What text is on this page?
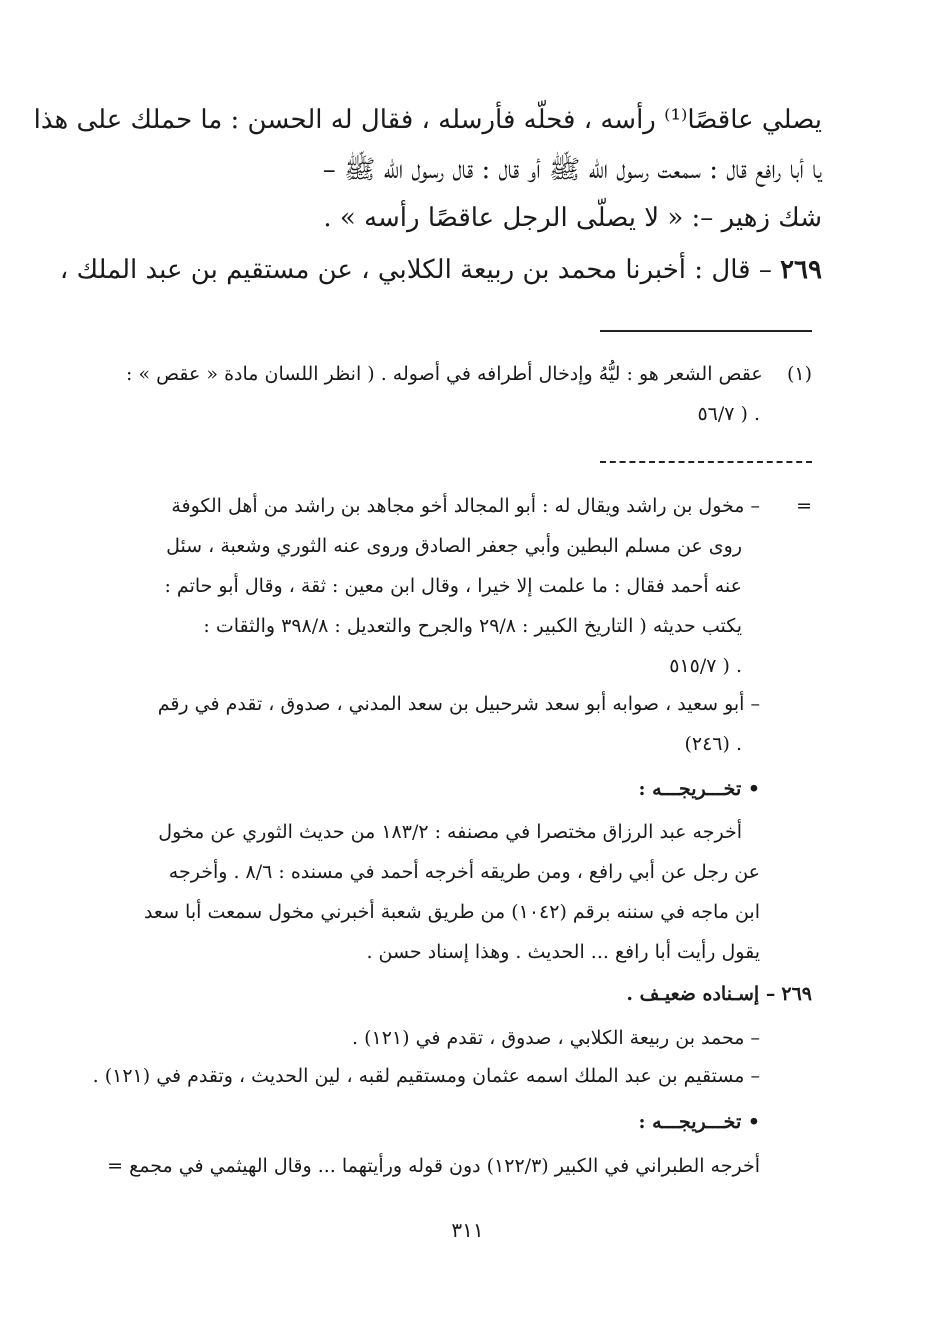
يصلي عاقصًا⁽¹⁾ رأسه ، فحلّه فأرسله ، فقال له الحسن : ما حملك على هذا
يا أبا رافع قال : سمعت رسول الله ﷺ أو قال : قال رسول الله ﷺ –
شك زهير –: « لا يصلّى الرجل عاقصًا رأسه » .
٢٦٩ – قال : أخبرنا محمد بن ربيعة الكلابي ، عن مستقيم بن عبد الملك ،
(١)    عقص الشعر هو : ليُّهُ وإدخال أطرافه في أصوله . ( انظر اللسان مادة « عقص » :
. ( ٥٦/٧
=
– مخول بن راشد ويقال له : أبو المجالد أخو مجاهد بن راشد من أهل الكوفة
روى عن مسلم البطين وأبي جعفر الصادق وروى عنه الثوري وشعبة ، سئل
عنه أحمد فقال : ما علمت إلا خيرا ، وقال ابن معين : ثقة ، وقال أبو حاتم :
يكتب حديثه ( التاريخ الكبير : ٢٩/٨ والجرح والتعديل : ٣٩٨/٨ والثقات :
. ( ٥١٥/٧
– أبو سعيد ، صوابه أبو سعد شرحبيل بن سعد المدني ، صدوق ، تقدم في رقم
. (٢٤٦)
• تخـــريجـــه :
أخرجه عبد الرزاق مختصرا في مصنفه : ١٨٣/٢ من حديث الثوري عن مخول
عن رجل عن أبي رافع ، ومن طريقه أخرجه أحمد في مسنده : ٨/٦ . وأخرجه
ابن ماجه في سننه برقم (١٠٤٢) من طريق شعبة أخبرني مخول سمعت أبا سعد
يقول رأيت أبا رافع ... الحديث . وهذا إسناد حسن .
٢٦٩ – إسـناده ضعيـف .
– محمد بن ربيعة الكلابي ، صدوق ، تقدم في (١٢١) .
– مستقيم بن عبد الملك اسمه عثمان ومستقيم لقبه ، لين الحديث ، وتقدم في (١٢١) .
• تخـــريجـــه :
أخرجه الطبراني في الكبير (١٢٢/٣) دون قوله ورأيتهما ... وقال الهيثمي في مجمع =
٣١١
